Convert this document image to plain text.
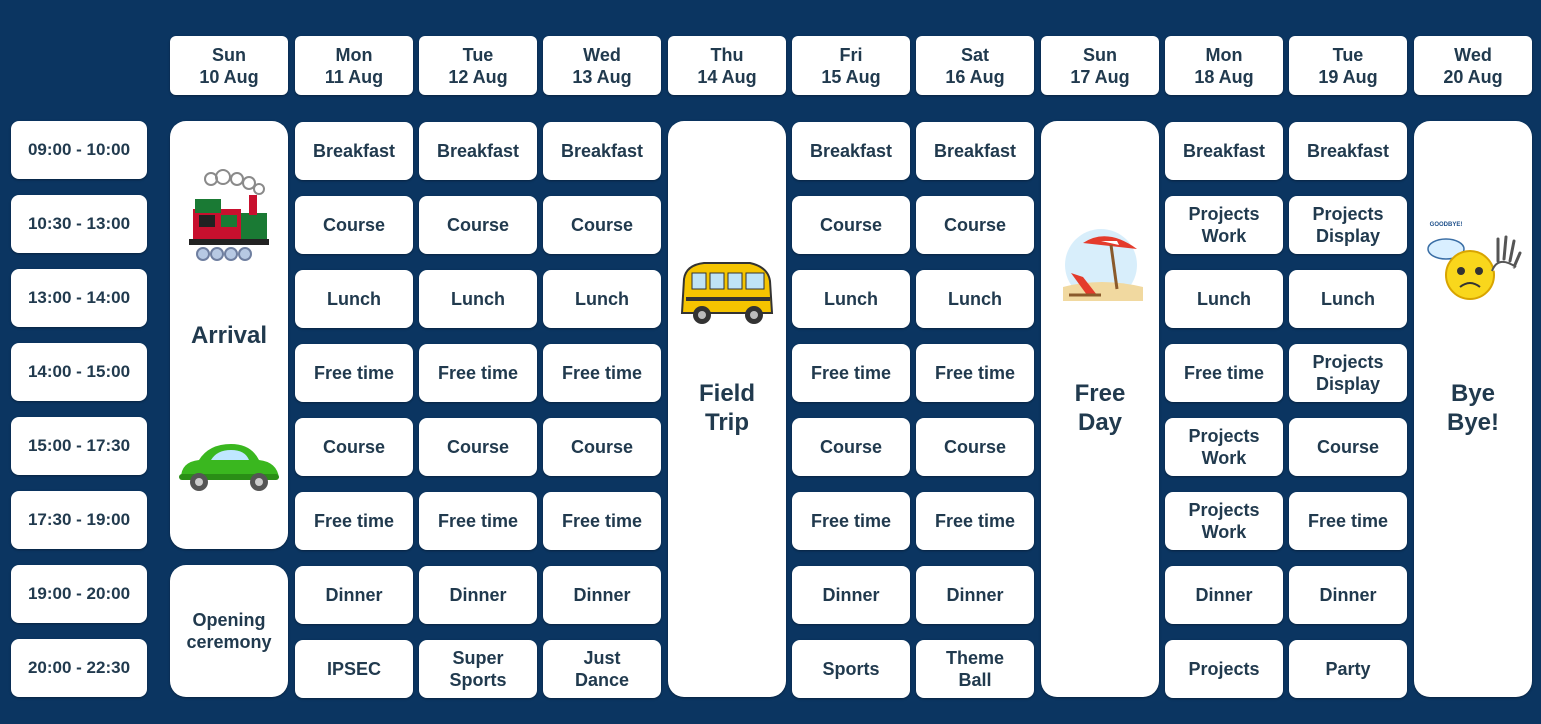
Sun
10 Aug
Mon
11 Aug
Tue
12 Aug
Wed
13 Aug
Thu
14 Aug
Fri
15 Aug
Sat
16 Aug
Sun
17 Aug
Mon
18 Aug
Tue
19 Aug
Wed
20 Aug
09:00 - 10:00
10:30 - 13:00
13:00 - 14:00
14:00 - 15:00
15:00 - 17:30
17:30 - 19:00
19:00 - 20:00
20:00 - 22:30
Breakfast
Course
Lunch
Free time
Course
Free time
Dinner
IPSEC
Breakfast
Course
Lunch
Free time
Course
Free time
Dinner
Super
Sports
Breakfast
Course
Lunch
Free time
Course
Free time
Dinner
Just
Dance
Breakfast
Course
Lunch
Free time
Course
Free time
Dinner
Sports
Breakfast
Course
Lunch
Free time
Course
Free time
Dinner
Theme
Ball
Breakfast
Projects
Work
Lunch
Free time
Projects
Work
Projects
Work
Dinner
Projects
Breakfast
Projects
Display
Lunch
Projects
Display
Course
Free time
Dinner
Party

Arrival

Opening
ceremony

Field
Trip

Free
Day

GOODBYE!

Bye
Bye!
